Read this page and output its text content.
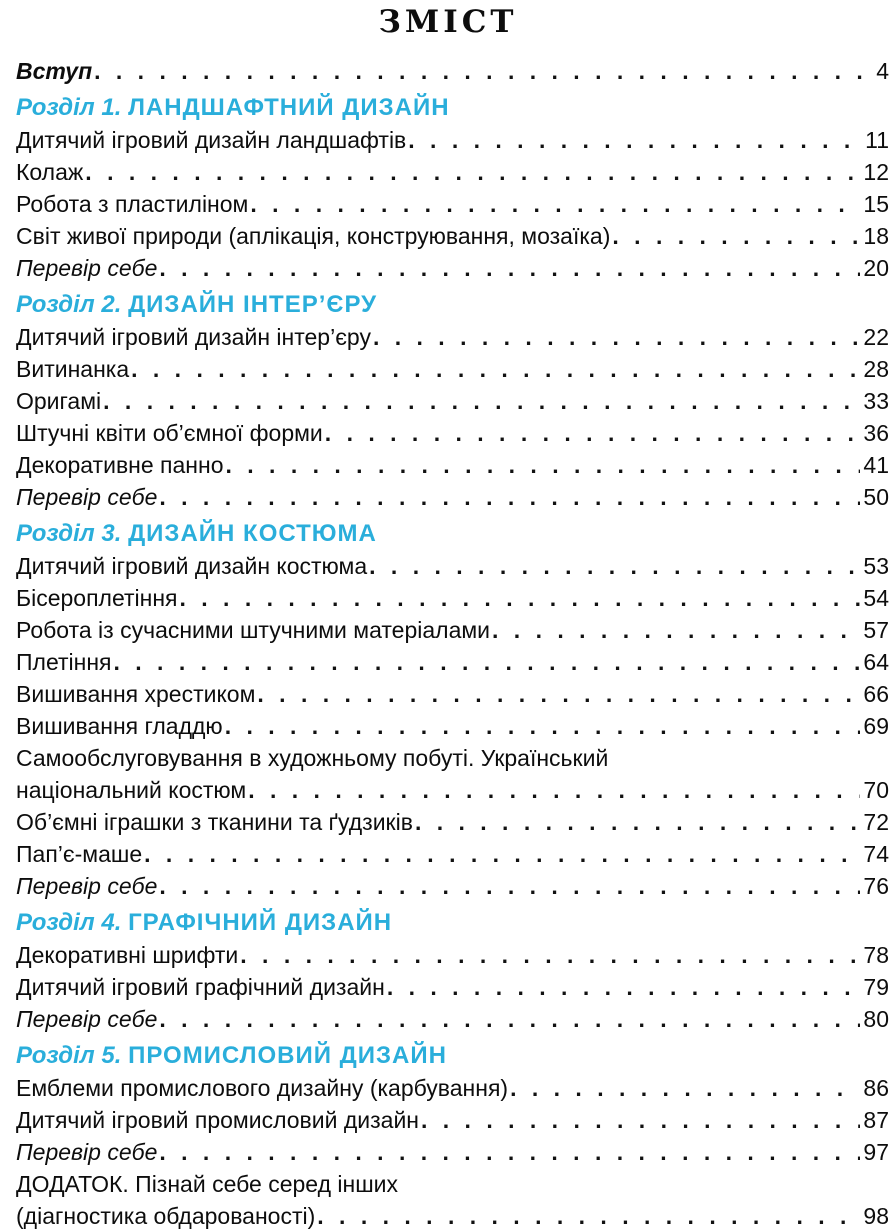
ЗМІСТ
Вступ . . .	4
Розділ 1. ЛАНДШАФТНИЙ ДИЗАЙН
Дитячий ігровий дизайн ландшафтів . . .	11
Колаж . . .	12
Робота з пластиліном . . .	15
Світ живої природи (аплікація, конструювання, мозаїка) . . .	18
Перевір себе . . .	20
Розділ 2. ДИЗАЙН ІНТЕР’ЄРУ
Дитячий ігровий дизайн інтер’єру . . .	22
Витинанка . . .	28
Оригамі . . .	33
Штучні квіти об’ємної форми . . .	36
Декоративне панно . . .	41
Перевір себе . . .	50
Розділ 3. ДИЗАЙН КОСТЮМА
Дитячий ігровий дизайн костюма . . .	53
Бісероплетіння . . .	54
Робота із сучасними штучними матеріалами . . .	57
Плетіння . . .	64
Вишивання хрестиком . . .	66
Вишивання гладдю . . .	69
Самообслуговування в художньому побуті. Український
національний костюм . . .	70
Об’ємні іграшки з тканини та ґудзиків . . .	72
Пап’є-маше . . .	74
Перевір себе . . .	76
Розділ 4. ГРАФІЧНИЙ ДИЗАЙН
Декоративні шрифти . . .	78
Дитячий ігровий графічний дизайн . . .	79
Перевір себе . . .	80
Розділ 5. ПРОМИСЛОВИЙ ДИЗАЙН
Емблеми промислового дизайну (карбування) . . .	86
Дитячий ігровий промисловий дизайн . . .	87
Перевір себе . . .	97
ДОДАТОК. Пізнай себе серед інших
(діагностика обдарованості) . . .	98
